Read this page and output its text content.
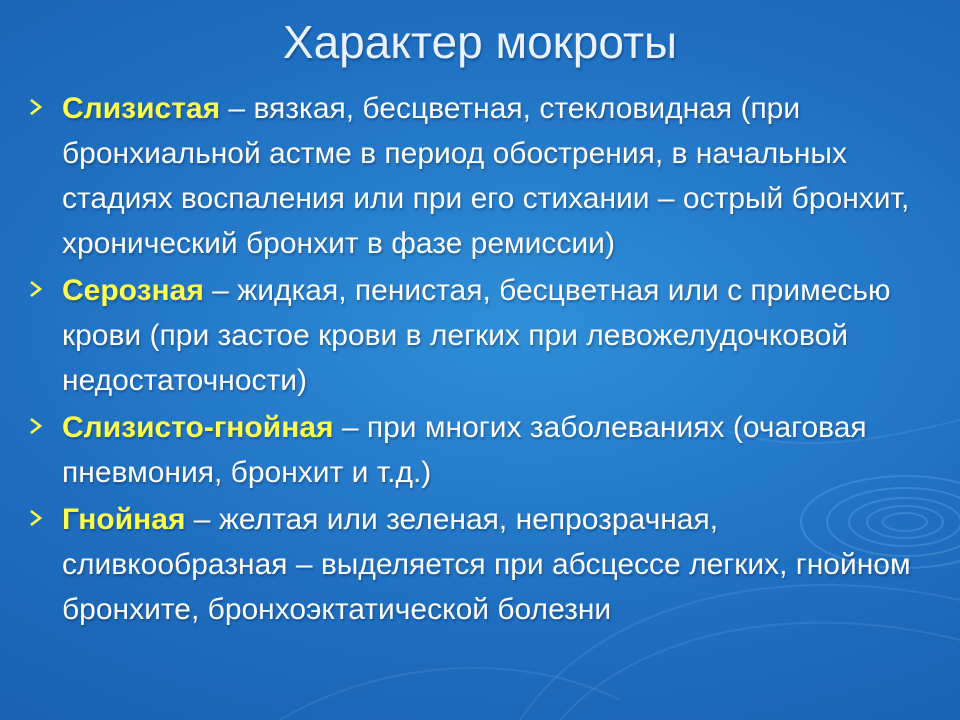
Характер мокроты
Слизистая – вязкая, бесцветная, стекловидная (при бронхиальной астме в период обострения, в начальных стадиях воспаления или при его стихании – острый бронхит, хронический бронхит в фазе ремиссии)
Серозная – жидкая, пенистая, бесцветная или с примесью крови (при застое крови в легких при левожелудочковой недостаточности)
Слизисто-гнойная – при многих заболеваниях (очаговая пневмония, бронхит и т.д.)
Гнойная – желтая или зеленая, непрозрачная, сливкообразная – выделяется при абсцессе легких, гнойном бронхите, бронхоэктатической болезни
